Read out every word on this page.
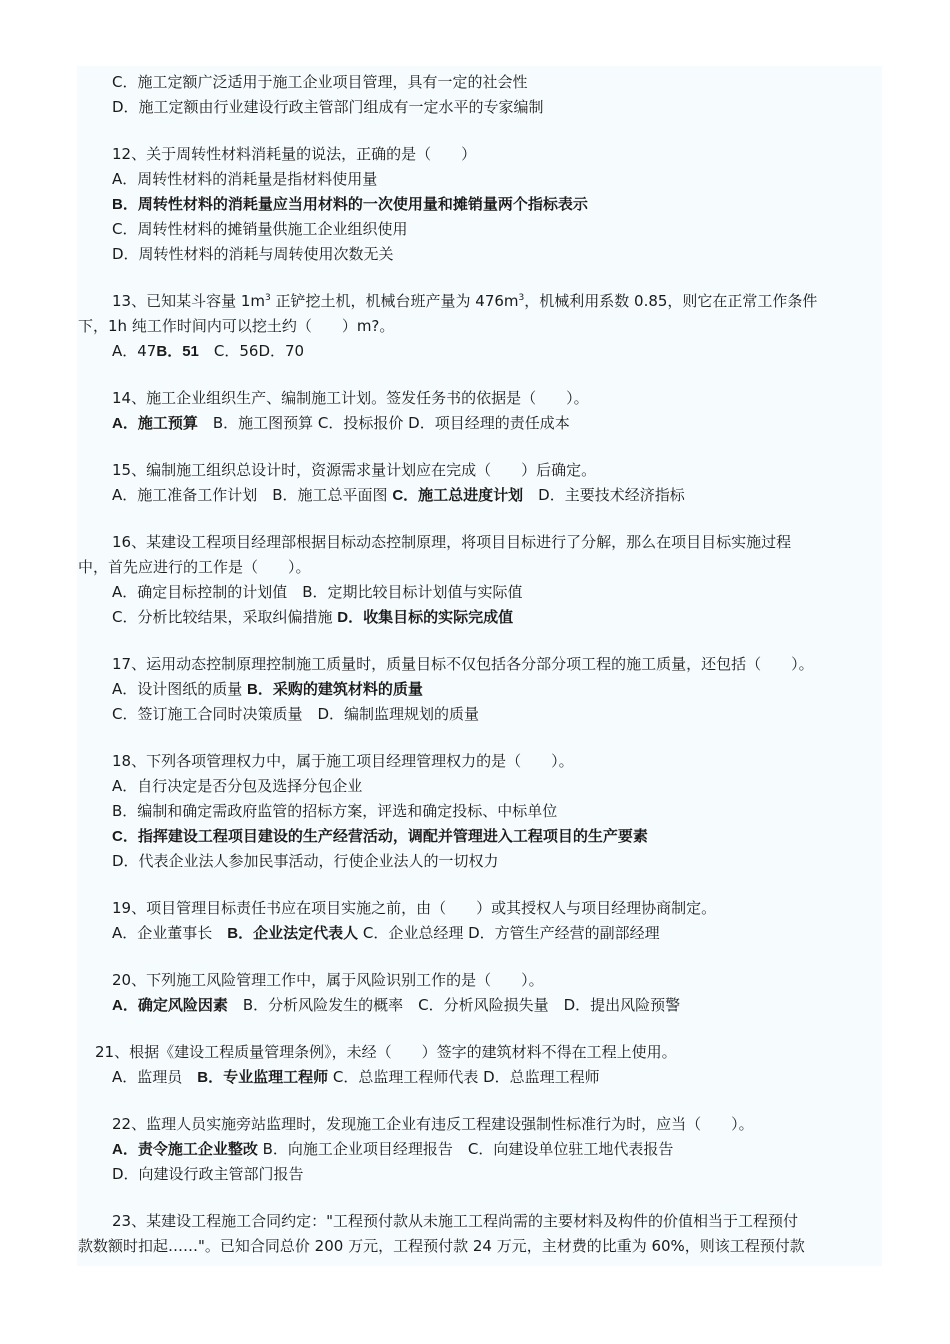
C．施工定额广泛适用于施工企业项目管理，具有一定的社会性
D．施工定额由行业建设行政主管部门组成有一定水平的专家编制
12、关于周转性材料消耗量的说法，正确的是（　　）
A．周转性材料的消耗量是指材料使用量
B．周转性材料的消耗量应当用材料的一次使用量和摊销量两个指标表示
C．周转性材料的摊销量供施工企业组织使用
D．周转性材料的消耗与周转使用次数无关
13、已知某斗容量 $1m^3$ 正铲挖土机，机械台班产量为 $476m^3$，机械利用系数 0.85，则它在正常工作条件
下，1h 纯工作时间内可以挖土约（　　）m?。
A．47B．51　C．56D．70
14、施工企业组织生产、编制施工计划。签发任务书的依据是（　　）。
A．施工预算　B．施工图预算 C．投标报价 D．项目经理的责任成本
15、编制施工组织总设计时，资源需求量计划应在完成（　　）后确定。
A．施工准备工作计划　B．施工总平面图 C．施工总进度计划　D．主要技术经济指标
16、某建设工程项目经理部根据目标动态控制原理，将项目目标进行了分解，那么在项目目标实施过程
中，首先应进行的工作是（　　）。
A．确定目标控制的计划值　B．定期比较目标计划值与实际值
C．分析比较结果，采取纠偏措施 D．收集目标的实际完成值
17、运用动态控制原理控制施工质量时，质量目标不仅包括各分部分项工程的施工质量，还包括（　　）。
A．设计图纸的质量 B．采购的建筑材料的质量
C．签订施工合同时决策质量　D．编制监理规划的质量
18、下列各项管理权力中，属于施工项目经理管理权力的是（　　）。
A．自行决定是否分包及选择分包企业
B．编制和确定需政府监管的招标方案，评选和确定投标、中标单位
C．指挥建设工程项目建设的生产经营活动，调配并管理进入工程项目的生产要素
D．代表企业法人参加民事活动，行使企业法人的一切权力
19、项目管理目标责任书应在项目实施之前，由（　　）或其授权人与项目经理协商制定。
A．企业董事长　B．企业法定代表人 C．企业总经理 D．方管生产经营的副部经理
20、下列施工风险管理工作中，属于风险识别工作的是（　　）。
A．确定风险因素　B．分析风险发生的概率　C．分析风险损失量　D．提出风险预警
21、根据《建设工程质量管理条例》，未经（　　）签字的建筑材料不得在工程上使用。
A．监理员　B．专业监理工程师 C．总监理工程师代表 D．总监理工程师
22、监理人员实施旁站监理时，发现施工企业有违反工程建设强制性标准行为时，应当（　　）。
A．责令施工企业整改 B．向施工企业项目经理报告　C．向建设单位驻工地代表报告
D．向建设行政主管部门报告
23、某建设工程施工合同约定："工程预付款从未施工工程尚需的主要材料及构件的价值相当于工程预付
款数额时扣起……"。已知合同总价 200 万元，工程预付款 24 万元，主材费的比重为 60%，则该工程预付款
